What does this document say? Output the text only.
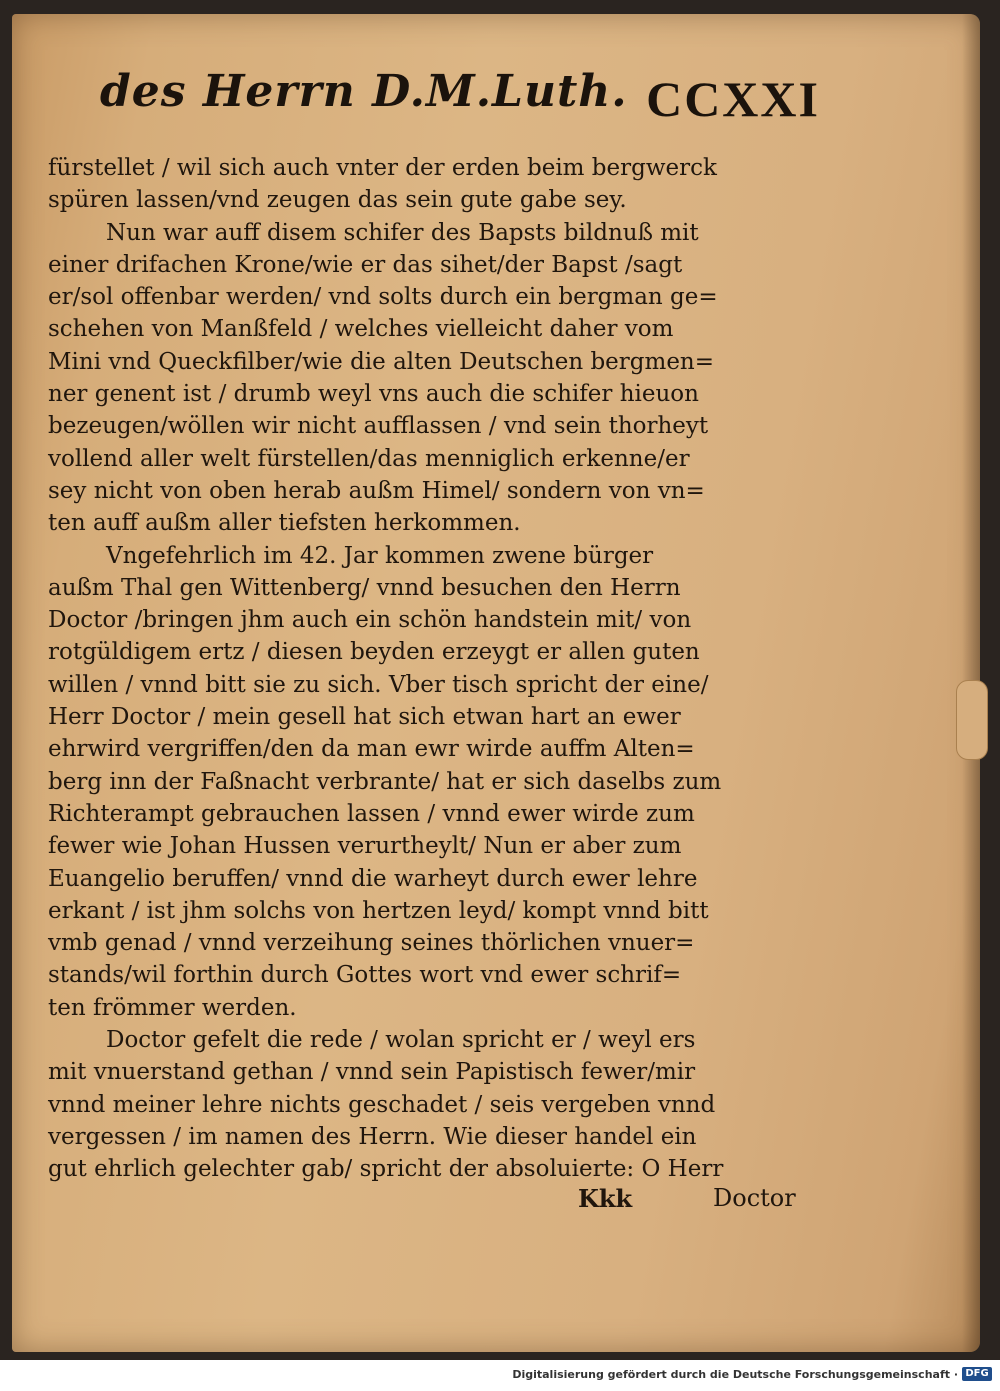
des Herrn D.M.Luth. CCXXI
fürstellet / wil sich auch vnter der erden beim bergwerck
spüren lassen/vnd zeugen das sein gute gabe sey.
Nun war auff disem schifer des Bapsts bildnuß mit
einer drifachen Krone/wie er das sihet/der Bapst /sagt
er/sol offenbar werden/ vnd solts durch ein bergman ge=
schehen von Manßfeld / welches vielleicht daher vom
Mini vnd Queckfilber/wie die alten Deutschen bergmen=
ner genent ist / drumb weyl vns auch die schifer hieuon
bezeugen/wöllen wir nicht aufflassen / vnd sein thorheyt
vollend aller welt fürstellen/das menniglich erkenne/er
sey nicht von oben herab außm Himel/ sondern von vn=
ten auff außm aller tiefsten herkommen.
Vngefehrlich im 42. Jar kommen zwene bürger
außm Thal gen Wittenberg/ vnnd besuchen den Herrn
Doctor /bringen jhm auch ein schön handstein mit/ von
rotgüldigem ertz / diesen beyden erzeygt er allen guten
willen / vnnd bitt sie zu sich. Vber tisch spricht der eine/
Herr Doctor / mein gesell hat sich etwan hart an ewer
ehrwird vergriffen/den da man ewr wirde auffm Alten=
berg inn der Faßnacht verbrante/ hat er sich daselbs zum
Richterampt gebrauchen lassen / vnnd ewer wirde zum
fewer wie Johan Hussen verurtheylt/ Nun er aber zum
Euangelio beruffen/ vnnd die warheyt durch ewer lehre
erkant / ist jhm solchs von hertzen leyd/ kompt vnnd bitt
vmb genad / vnnd verzeihung seines thörlichen vnuer=
stands/wil forthin durch Gottes wort vnd ewer schrif=
ten frömmer werden.
Doctor gefelt die rede / wolan spricht er / weyl ers
mit vnuerstand gethan / vnnd sein Papistisch fewer/mir
vnnd meiner lehre nichts geschadet / seis vergeben vnnd
vergessen / im namen des Herrn. Wie dieser handel ein
gut ehrlich gelechter gab/ spricht der absoluierte: O Herr
Kkk	Doctor
Digitalisierung gefördert durch die Deutsche Forschungsgemeinschaft · DFG
